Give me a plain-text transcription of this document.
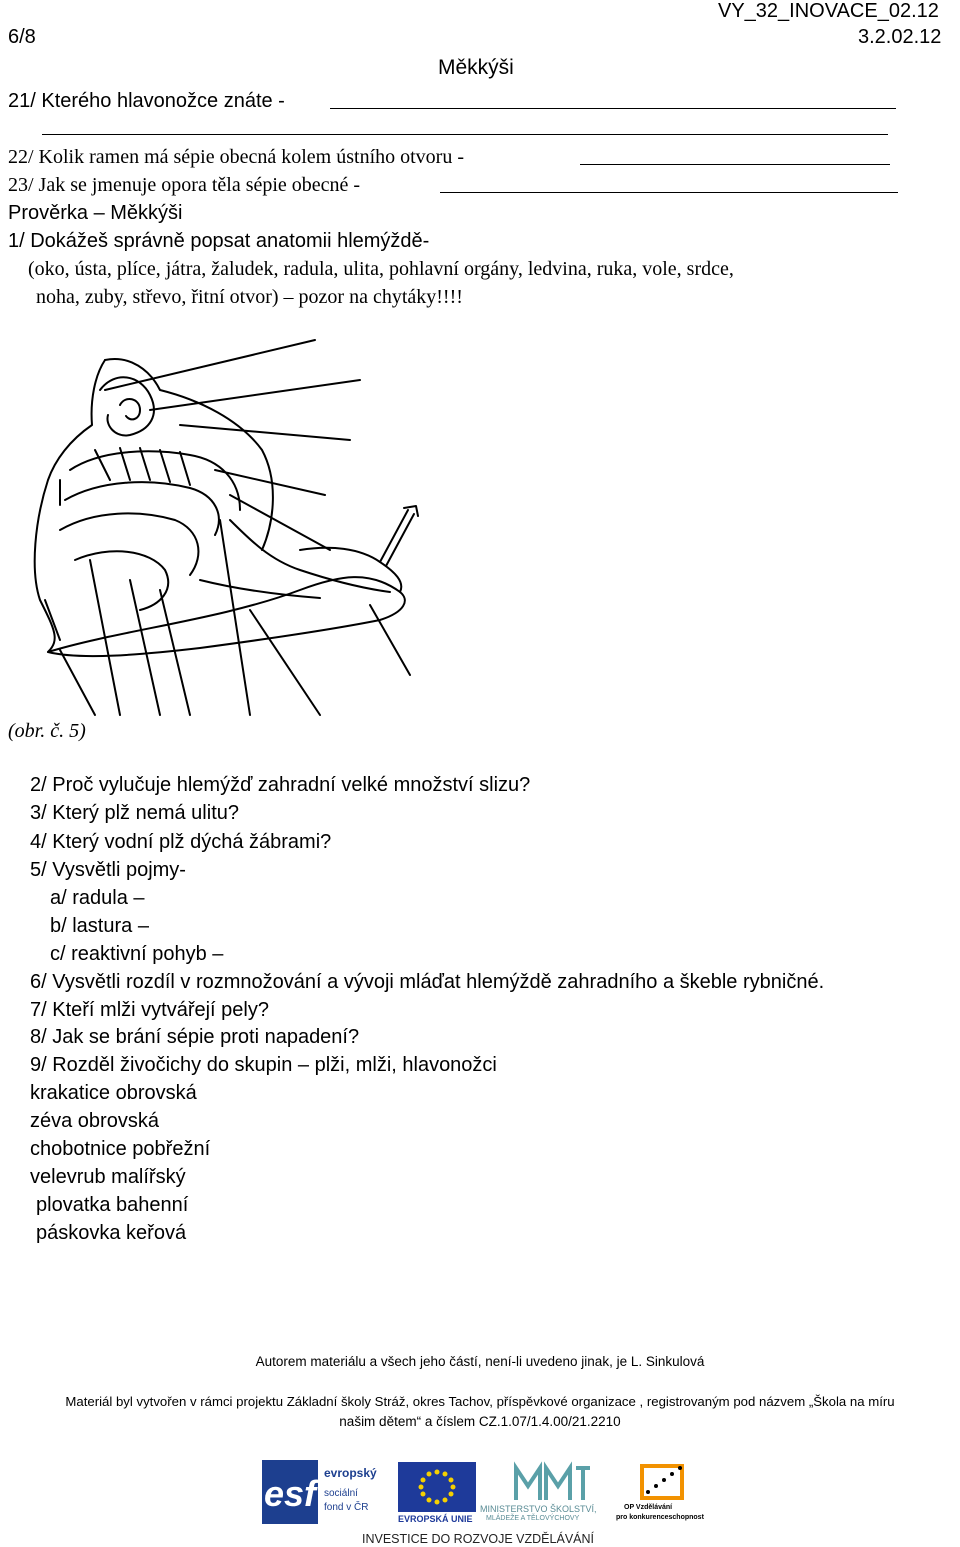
6/8
VY_32_INOVACE_02.12
3.2.02.12
Měkkýši
21/ Kterého hlavonožce znáte -
22/ Kolik ramen má sépie obecná kolem ústního otvoru -
23/ Jak se jmenuje opora těla sépie obecné -
Prověrka – Měkkýši
1/ Dokážeš správně popsat anatomii hlemýždě-
(oko, ústa, plíce, játra, žaludek, radula, ulita, pohlavní orgány, ledvina, ruka, vole, srdce,
noha, zuby, střevo, řitní otvor) – pozor na chytáky!!!!
(obr. č. 5)
2/ Proč vylučuje hlemýžď zahradní velké množství slizu?
3/ Který plž nemá ulitu?
4/ Který vodní plž dýchá žábrami?
5/ Vysvětli pojmy-
a/ radula –
b/ lastura –
c/ reaktivní pohyb –
6/ Vysvětli rozdíl v rozmnožování a vývoji mláďat hlemýždě zahradního a škeble rybničné.
7/ Kteří mlži vytvářejí pely?
8/ Jak se brání sépie proti napadení?
9/ Rozděl živočichy do skupin – plži, mlži, hlavonožci
krakatice obrovská
zéva obrovská
chobotnice pobřežní
velevrub malířský
plovatka bahenní
páskovka keřová
Autorem materiálu a všech jeho částí, není-li uvedeno jinak, je L. Sinkulová
Materiál byl vytvořen v rámci projektu Základní školy Stráž, okres Tachov, příspěvkové organizace , registrovaným pod názvem „Škola na míru
našim dětem“ a číslem CZ.1.07/1.4.00/21.2210
esf evropský
sociální
fond v ČR
EVROPSKÁ UNIE
MINISTERSTVO ŠKOLSTVÍ,
MLÁDEŽE A TĚLOVÝCHOVY
OP Vzdělávání
pro konkurenceschopnost
INVESTICE DO ROZVOJE VZDĚLÁVÁNÍ
